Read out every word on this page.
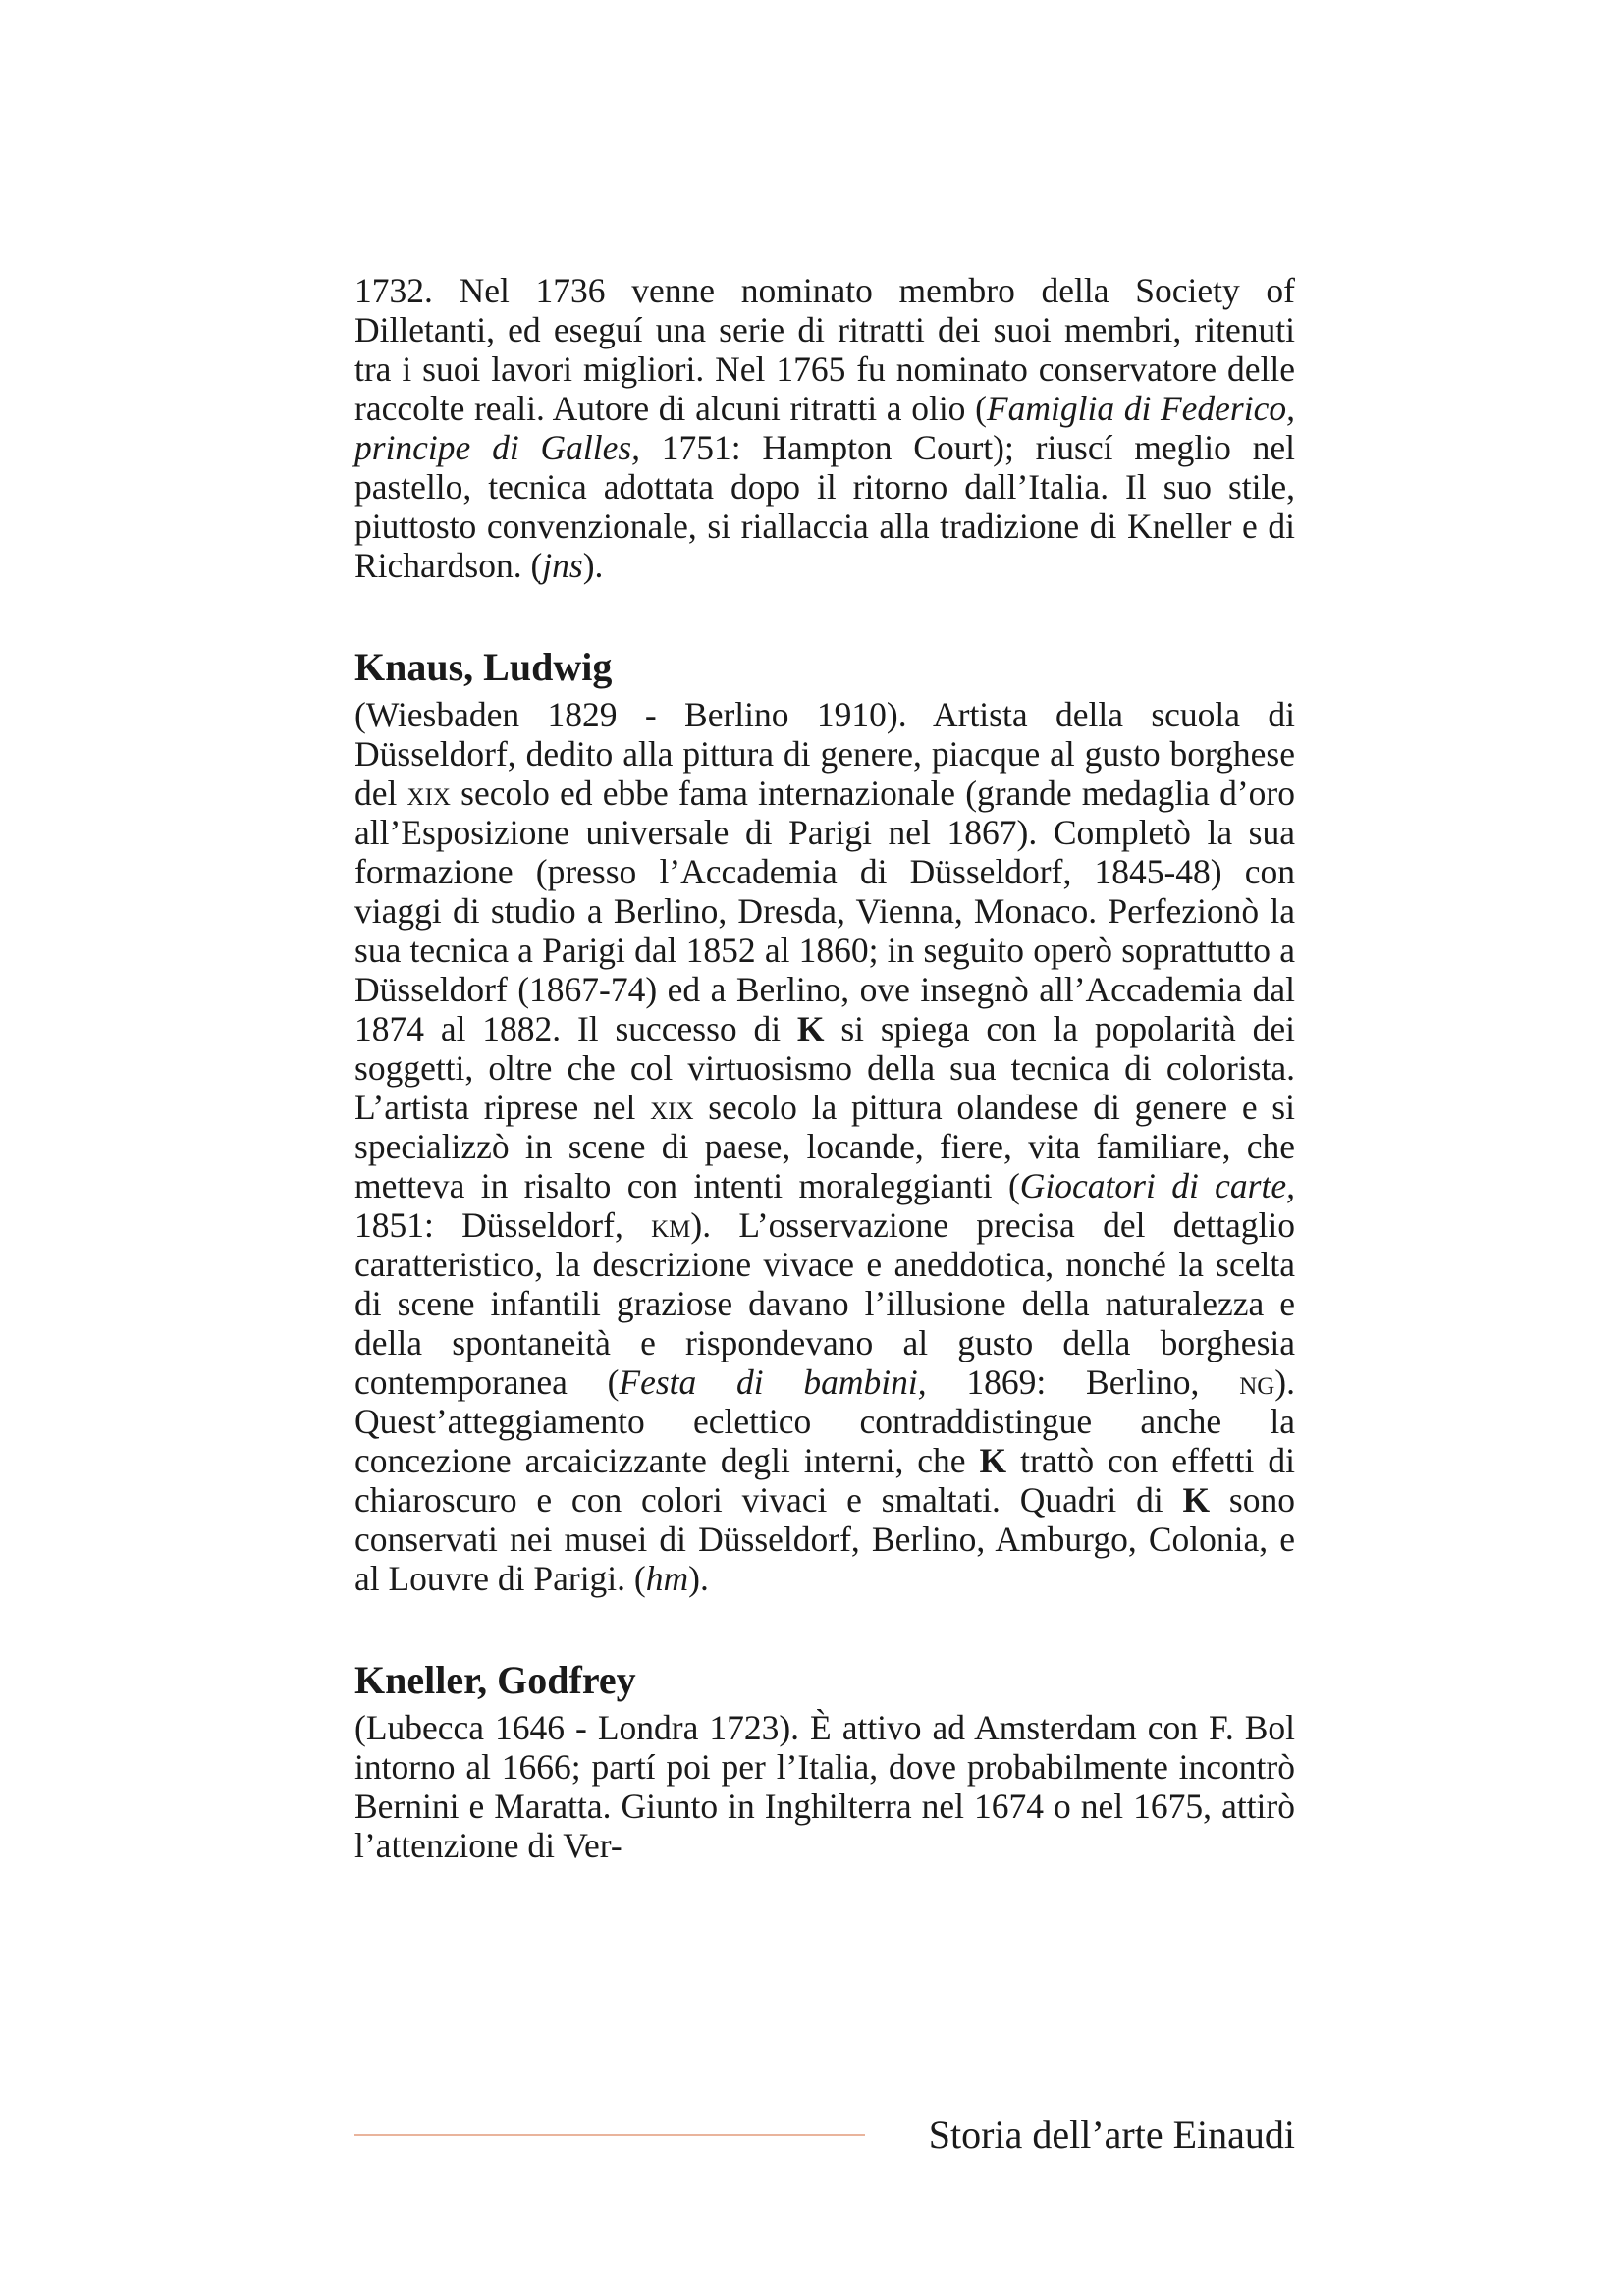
1732. Nel 1736 venne nominato membro della Society of Dilletanti, ed eseguí una serie di ritratti dei suoi membri, ritenuti tra i suoi lavori migliori. Nel 1765 fu nominato conservatore delle raccolte reali. Autore di alcuni ritratti a olio (Famiglia di Federico, principe di Galles, 1751: Hampton Court); riuscí meglio nel pastello, tecnica adottata dopo il ritorno dall’Italia. Il suo stile, piuttosto convenzionale, si riallaccia alla tradizione di Kneller e di Richardson. (jns).

Knaus, Ludwig

(Wiesbaden 1829 - Berlino 1910). Artista della scuola di Düsseldorf, dedito alla pittura di genere, piacque al gusto borghese del xix secolo ed ebbe fama internazionale (grande medaglia d’oro all’Esposizione universale di Parigi nel 1867). Completò la sua formazione (presso l’Accademia di Düsseldorf, 1845-48) con viaggi di studio a Berlino, Dresda, Vienna, Monaco. Perfezionò la sua tecnica a Parigi dal 1852 al 1860; in seguito operò soprattutto a Düsseldorf (1867-74) ed a Berlino, ove insegnò all’Accademia dal 1874 al 1882. Il successo di K si spiega con la popolarità dei soggetti, oltre che col virtuosismo della sua tecnica di colorista. L’artista riprese nel xix secolo la pittura olandese di genere e si specializzò in scene di paese, locande, fiere, vita familiare, che metteva in risalto con intenti moraleggianti (Giocatori di carte, 1851: Düsseldorf, km). L’osservazione precisa del dettaglio caratteristico, la descrizione vivace e aneddotica, nonché la scelta di scene infantili graziose davano l’illusione della naturalezza e della spontaneità e rispondevano al gusto della borghesia contemporanea (Festa di bambini, 1869: Berlino, ng). Quest’atteggiamento eclettico contraddistingue anche la concezione arcaicizzante degli interni, che K trattò con effetti di chiaroscuro e con colori vivaci e smaltati. Quadri di K sono conservati nei musei di Düsseldorf, Berlino, Amburgo, Colonia, e al Louvre di Parigi. (hm).

Kneller, Godfrey

(Lubecca 1646 - Londra 1723). È attivo ad Amsterdam con F. Bol intorno al 1666; partí poi per l’Italia, dove probabilmente incontrò Bernini e Maratta. Giunto in Inghilterra nel 1674 o nel 1675, attirò l’attenzione di Ver-

Storia dell’arte Einaudi
